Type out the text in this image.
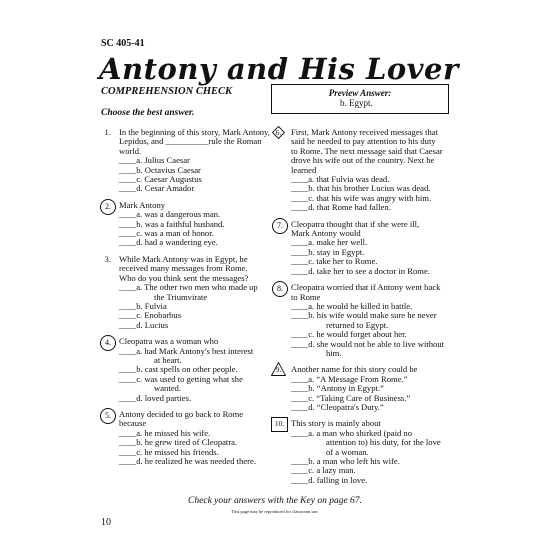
SC 405-41
Antony and His Lover
COMPREHENSION CHECK
Choose the best answer.
Preview Answer:
b. Egypt.
1. In the beginning of this story, Mark Antony,
Lepidus, and __________rule the Roman
world.
____a. Julius Caesar
____b. Octavius Caesar
____c. Caesar Augustus
____d. Cesar Amador
2. Mark Antony
____a. was a dangerous man.
____b. was a faithful husband.
____c. was a man of honor.
____d. had a wandering eye.
3. While Mark Antony was in Egypt, he
received many messages from Rome.
Who do you think sent the messages?
____a. The other two men who made up
the Triumvirate
____b. Fulvia
____c. Enobarbus
____d. Lucius
4. Cleopatra was a woman who
____a. had Mark Antony's best interest
at heart.
____b. cast spells on other people.
____c. was used to getting what she
wanted.
____d. loved parties.
5. Antony decided to go back to Rome because
____a. he missed his wife.
____b. he grew tired of Cleopatra.
____c. he missed his friends.
____d. he realized he was needed there.
6.	First, Mark Antony received messages that
said he needed to pay attention to his duty
to Rome. The next message said that Caesar
drove his wife out of the country. Next he
learned
____a. that Fulvia was dead.
____b. that his brother Lucius was dead.
____c. that his wife was angry with him.
____d. that Rome had fallen.
7. Cleopatra thought that if she were ill,
Mark Antony would
____a. make her well.
____b. stay in Egypt.
____c. take her to Rome.
____d. take her to see a doctor in Rome.
8. Cleopatra worried that if Antony went back
to Rome
____a. he would be killed in battle.
____b. his wife would make sure he never
returned to Egypt.
____c. he would forget about her.
____d. she would not be able to live without
him.
9.	Another name for this story could be
____a. “A Message From Rome.”
____b. “Antony in Egypt.”
____c. “Taking Care of Business.”
____d. “Cleopatra's Duty.”
10. This story is mainly about
____a. a man who shirked (paid no
attention to) his duty, for the love
of a woman.
____b. a man who left his wife.
____c. a lazy man.
____d. falling in love.
Check your answers with the Key on page 67.
This page may be reproduced for classroom use.
10
